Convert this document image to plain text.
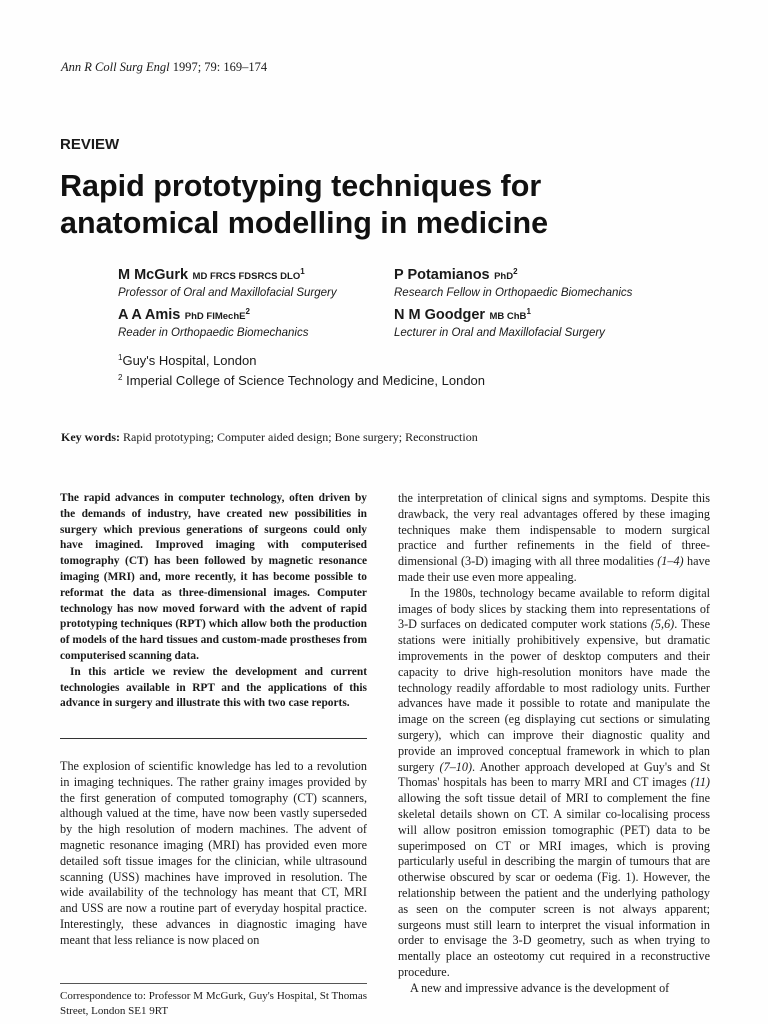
Ann R Coll Surg Engl 1997; 79: 169–174
REVIEW
Rapid prototyping techniques for
anatomical modelling in medicine
M McGurk MD FRCS FDSRCS DLO$^1$
Professor of Oral and Maxillofacial Surgery
P Potamianos PhD$^2$
Research Fellow in Orthopaedic Biomechanics
A A Amis PhD FIMechE$^2$
Reader in Orthopaedic Biomechanics
N M Goodger MB ChB$^1$
Lecturer in Oral and Maxillofacial Surgery
$^1$Guy's Hospital, London
$^2$ Imperial College of Science Technology and Medicine, London
Key words: Rapid prototyping; Computer aided design; Bone surgery; Reconstruction

The rapid advances in computer technology, often driven by the demands of industry, have created new possibilities in surgery which previous generations of surgeons could only have imagined. Improved imaging with computerised tomography (CT) has been followed by magnetic resonance imaging (MRI) and, more recently, it has become possible to reformat the data as three-dimensional images. Computer technology has now moved forward with the advent of rapid prototyping techniques (RPT) which allow both the production of models of the hard tissues and custom-made prostheses from computerised scanning data.

In this article we review the development and current technologies available in RPT and the applications of this advance in surgery and illustrate this with two case reports.

The explosion of scientific knowledge has led to a revolution in imaging techniques. The rather grainy images provided by the first generation of computed tomography (CT) scanners, although valued at the time, have now been vastly superseded by the high resolution of modern machines. The advent of magnetic resonance imaging (MRI) has provided even more detailed soft tissue images for the clinician, while ultrasound scanning (USS) machines have improved in resolution. The wide availability of the technology has meant that CT, MRI and USS are now a routine part of everyday hospital practice. Interestingly, these advances in diagnostic imaging have meant that less reliance is now placed on

the interpretation of clinical signs and symptoms. Despite this drawback, the very real advantages offered by these imaging techniques make them indispensable to modern surgical practice and further refinements in the field of three-dimensional (3-D) imaging with all three modalities (1–4) have made their use even more appealing.

In the 1980s, technology became available to reform digital images of body slices by stacking them into representations of 3-D surfaces on dedicated computer work stations (5,6). These stations were initially prohibitively expensive, but dramatic improvements in the power of desktop computers and their capacity to drive high-resolution monitors have made the technology readily affordable to most radiology units. Further advances have made it possible to rotate and manipulate the image on the screen (eg displaying cut sections or simulating surgery), which can improve their diagnostic quality and provide an improved conceptual framework in which to plan surgery (7–10). Another approach developed at Guy's and St Thomas' hospitals has been to marry MRI and CT images (11) allowing the soft tissue detail of MRI to complement the fine skeletal details shown on CT. A similar co-localising process will allow positron emission tomographic (PET) data to be superimposed on CT or MRI images, which is proving particularly useful in describing the margin of tumours that are otherwise obscured by scar or oedema (Fig. 1). However, the relationship between the patient and the underlying pathology as seen on the computer screen is not always apparent; surgeons must still learn to interpret the visual information in order to envisage the 3-D geometry, such as when trying to mentally place an osteotomy cut required in a reconstructive procedure.

A new and impressive advance is the development of

Correspondence to: Professor M McGurk, Guy's Hospital, St Thomas Street, London SE1 9RT
